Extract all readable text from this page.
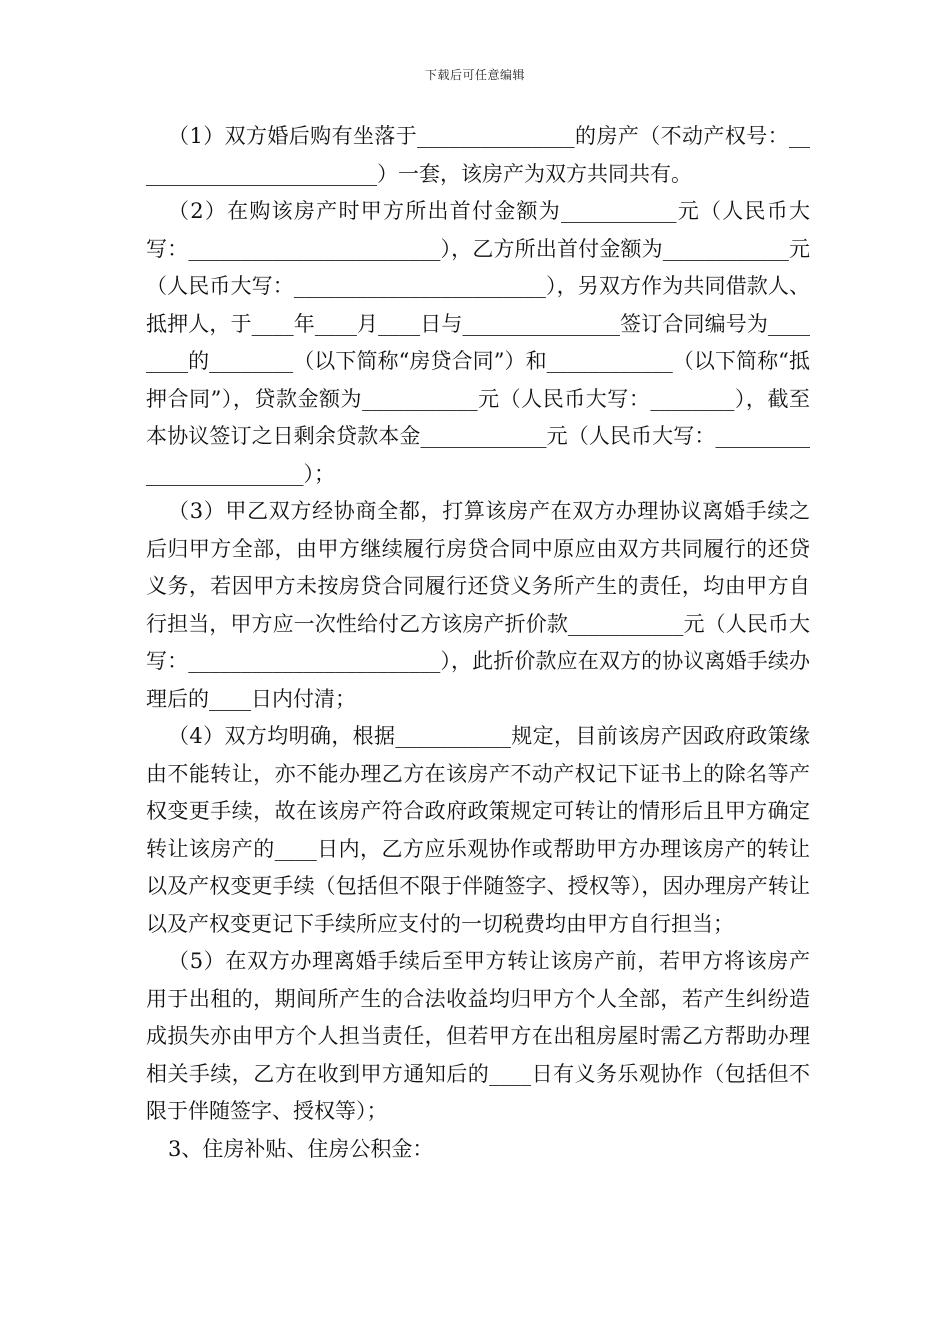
下载后可任意编辑

（1）双方婚后购有坐落于_______________的房产（不动产权号：________________________）一套，该房产为双方共同共有。

（2）在购该房产时甲方所出首付金额为___________元（人民币大写：________________________），乙方所出首付金额为____________元（人民币大写：________________________），另双方作为共同借款人、抵押人，于____年____月____日与_______________签订合同编号为________的________（以下简称“房贷合同”）和____________（以下简称“抵押合同”），贷款金额为___________元（人民币大写：________），截至本协议签订之日剩余贷款本金____________元（人民币大写：________________________）；

（3）甲乙双方经协商全都，打算该房产在双方办理协议离婚手续之后归甲方全部，由甲方继续履行房贷合同中原应由双方共同履行的还贷义务，若因甲方未按房贷合同履行还贷义务所产生的责任，均由甲方自行担当，甲方应一次性给付乙方该房产折价款___________元（人民币大写：________________________），此折价款应在双方的协议离婚手续办理后的____日内付清；

（4）双方均明确，根据___________规定，目前该房产因政府政策缘由不能转让，亦不能办理乙方在该房产不动产权记下证书上的除名等产权变更手续，故在该房产符合政府政策规定可转让的情形后且甲方确定转让该房产的____日内，乙方应乐观协作或帮助甲方办理该房产的转让以及产权变更手续（包括但不限于伴随签字、授权等），因办理房产转让以及产权变更记下手续所应支付的一切税费均由甲方自行担当；

（5）在双方办理离婚手续后至甲方转让该房产前，若甲方将该房产用于出租的，期间所产生的合法收益均归甲方个人全部，若产生纠纷造成损失亦由甲方个人担当责任，但若甲方在出租房屋时需乙方帮助办理相关手续，乙方在收到甲方通知后的____日有义务乐观协作（包括但不限于伴随签字、授权等）；

3、住房补贴、住房公积金：
